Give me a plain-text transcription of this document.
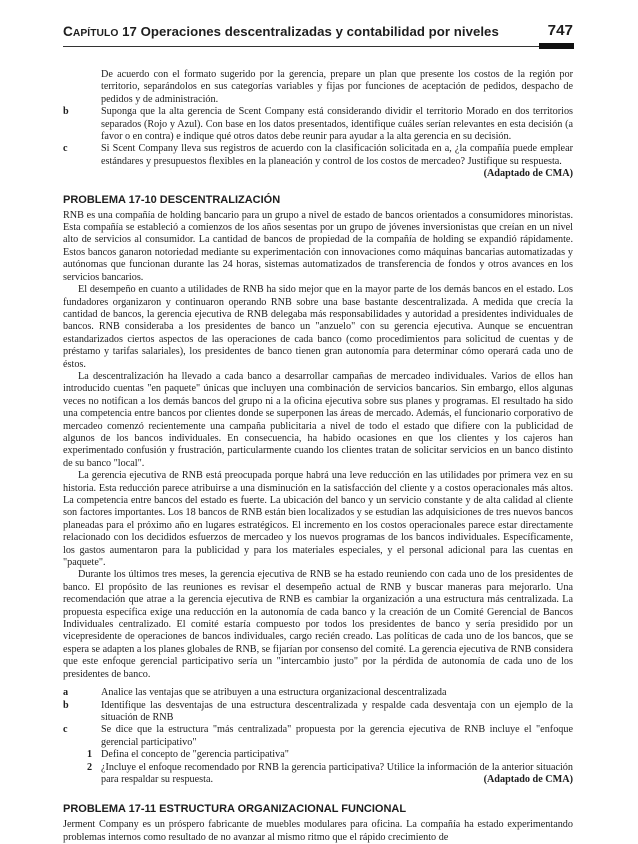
CAPÍTULO 17 Operaciones descentralizadas y contabilidad por niveles	747

De acuerdo con el formato sugerido por la gerencia, prepare un plan que presente los costos de la región por territorio, separándolos en sus categorías variables y fijas por funciones de aceptación de pedidos, despacho de pedidos y de administración.

b	Suponga que la alta gerencia de Scent Company está considerando dividir el territorio Morado en dos territorios separados (Rojo y Azul). Con base en los datos presentados, identifique cuáles serían relevantes en esta decisión (a favor o en contra) e indique qué otros datos debe reunir para ayudar a la alta gerencia en su decisión.

c	Si Scent Company lleva sus registros de acuerdo con la clasificación solicitada en a, ¿la compañía puede emplear estándares y presupuestos flexibles en la planeación y control de los costos de mercadeo? Justifique su respuesta.
(Adaptado de CMA)

PROBLEMA 17-10 DESCENTRALIZACIÓN

RNB es una compañía de holding bancario para un grupo a nivel de estado de bancos orientados a consumidores minoristas. Esta compañía se estableció a comienzos de los años sesentas por un grupo de jóvenes inversionistas que creían en un nivel alto de servicios al consumidor. La cantidad de bancos de propiedad de la compañía de holding se expandió rápidamente. Estos bancos ganaron notoriedad mediante su experimentación con innovaciones como máquinas bancarias automatizadas y autónomas que funcionan durante las 24 horas, sistemas automatizados de transferencia de fondos y otros avances en los servicios bancarios.

El desempeño en cuanto a utilidades de RNB ha sido mejor que en la mayor parte de los demás bancos en el estado. Los fundadores organizaron y continuaron operando RNB sobre una base bastante descentralizada. A medida que crecía la cantidad de bancos, la gerencia ejecutiva de RNB delegaba más responsabilidades y autoridad a presidentes individuales de bancos. RNB consideraba a los presidentes de banco un "anzuelo" con su gerencia ejecutiva. Aunque se encuentran estandarizados ciertos aspectos de las operaciones de cada banco (como procedimientos para solicitud de cuentas y de préstamo y tarifas salariales), los presidentes de banco tienen gran autonomía para determinar cómo operará cada uno de éstos.

La descentralización ha llevado a cada banco a desarrollar campañas de mercadeo individuales. Varios de ellos han introducido cuentas "en paquete" únicas que incluyen una combinación de servicios bancarios. Sin embargo, ellos algunas veces no notifican a los demás bancos del grupo ni a la oficina ejecutiva sobre sus planes y programas. El resultado ha sido una competencia entre bancos por clientes donde se superponen las áreas de mercado. Además, el funcionario corporativo de mercadeo comenzó recientemente una campaña publicitaria a nivel de todo el estado que difiere con la publicidad de algunos de los bancos individuales. En consecuencia, ha habido ocasiones en que los clientes y los cajeros han experimentado confusión y frustración, particularmente cuando los clientes tratan de solicitar servicios en un banco distinto de su banco "local".

La gerencia ejecutiva de RNB está preocupada porque habrá una leve reducción en las utilidades por primera vez en su historia. Esta reducción parece atribuirse a una disminución en la satisfacción del cliente y a costos operacionales más altos. La competencia entre bancos del estado es fuerte. La ubicación del banco y un servicio constante y de alta calidad al cliente son factores importantes. Los 18 bancos de RNB están bien localizados y se estudian las adquisiciones de tres nuevos bancos planeadas para el próximo año en lugares estratégicos. El incremento en los costos operacionales parece estar directamente relacionado con los decididos esfuerzos de mercadeo y los nuevos programas de los bancos individuales. Específicamente, los gastos aumentaron para la publicidad y para los materiales especiales, y el personal adicional para las cuentas en "paquete".

Durante los últimos tres meses, la gerencia ejecutiva de RNB se ha estado reuniendo con cada uno de los presidentes de banco. El propósito de las reuniones es revisar el desempeño actual de RNB y buscar maneras para mejorarlo. Una recomendación que atrae a la gerencia ejecutiva de RNB es cambiar la organización a una estructura más centralizada. La propuesta específica exige una reducción en la autonomía de cada banco y la creación de un Comité Gerencial de Bancos Individuales centralizado. El comité estaría compuesto por todos los presidentes de banco y sería presidido por un vicepresidente de operaciones de bancos individuales, cargo recién creado. Las políticas de cada uno de los bancos, que se espera se adapten a los planes globales de RNB, se fijarían por consenso del comité. La gerencia ejecutiva de RNB considera que este enfoque gerencial participativo sería un "intercambio justo" por la pérdida de autonomía de cada uno de los presidentes de banco.

a	Analice las ventajas que se atribuyen a una estructura organizacional descentralizada

b	Identifique las desventajas de una estructura descentralizada y respalde cada desventaja con un ejemplo de la situación de RNB

c	Se dice que la estructura "más centralizada" propuesta por la gerencia ejecutiva de RNB incluye el "enfoque gerencial participativo"

1 Defina el concepto de "gerencia participativa"

2 ¿Incluye el enfoque recomendado por RNB la gerencia participativa? Utilice la información de la anterior situación para respaldar su respuesta.	(Adaptado de CMA)

PROBLEMA 17-11 ESTRUCTURA ORGANIZACIONAL FUNCIONAL

Jerment Company es un próspero fabricante de muebles modulares para oficina. La compañía ha estado experimentando problemas internos como resultado de no avanzar al mismo ritmo que el rápido crecimiento de
